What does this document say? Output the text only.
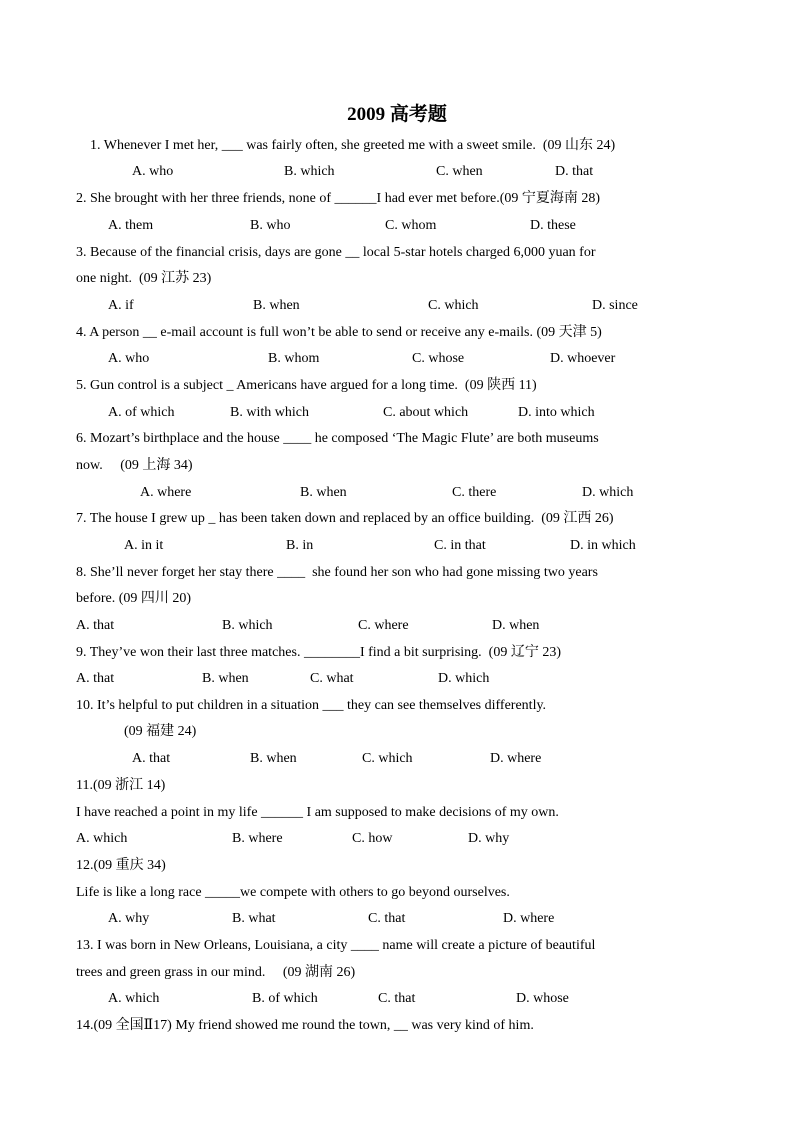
2009 高考题
1. Whenever I met her, ___ was fairly often, she greeted me with a sweet smile.  (09 山东 24)
A. who	B. which	C. when	D. that
2. She brought with her three friends, none of ______I had ever met before.(09 宁夏海南 28)
A. them	B. who	C. whom	D. these
3. Because of the financial crisis, days are gone __ local 5-star hotels charged 6,000 yuan for
one night.  (09 江苏 23)
A. if	B. when	C. which	D. since
4. A person __ e-mail account is full won’t be able to send or receive any e-mails. (09 天津 5)
A. who	B. whom	C. whose	D. whoever
5. Gun control is a subject _ Americans have argued for a long time.  (09 陕西 11)
A. of which	B. with which	C. about which	D. into which
6. Mozart’s birthplace and the house ____ he composed ‘The Magic Flute’ are both museums
now.     (09 上海 34)
A. where	B. when	C. there	D. which
7. The house I grew up _ has been taken down and replaced by an office building.  (09 江西 26)
A. in it	B. in	C. in that	D. in which
8. She’ll never forget her stay there ____  she found her son who had gone missing two years
before. (09 四川 20)
A. that	B. which	C. where	D. when
9. They’ve won their last three matches. ________I find a bit surprising.  (09 辽宁 23)
A. that	B. when	C. what	D. which
10. It’s helpful to put children in a situation ___ they can see themselves differently.
(09 福建 24)
A. that	B. when	C. which	D. where
11.(09 浙江 14)
I have reached a point in my life ______ I am supposed to make decisions of my own.
A. which	B. where	C. how	D. why
12.(09 重庆 34)
Life is like a long race _____we compete with others to go beyond ourselves.
A. why	B. what	C. that	D. where
13. I was born in New Orleans, Louisiana, a city ____ name will create a picture of beautiful
trees and green grass in our mind.     (09 湖南 26)
A. which	B. of which	C. that	D. whose
14.(09 全国Ⅱ17) My friend showed me round the town, __ was very kind of him.
